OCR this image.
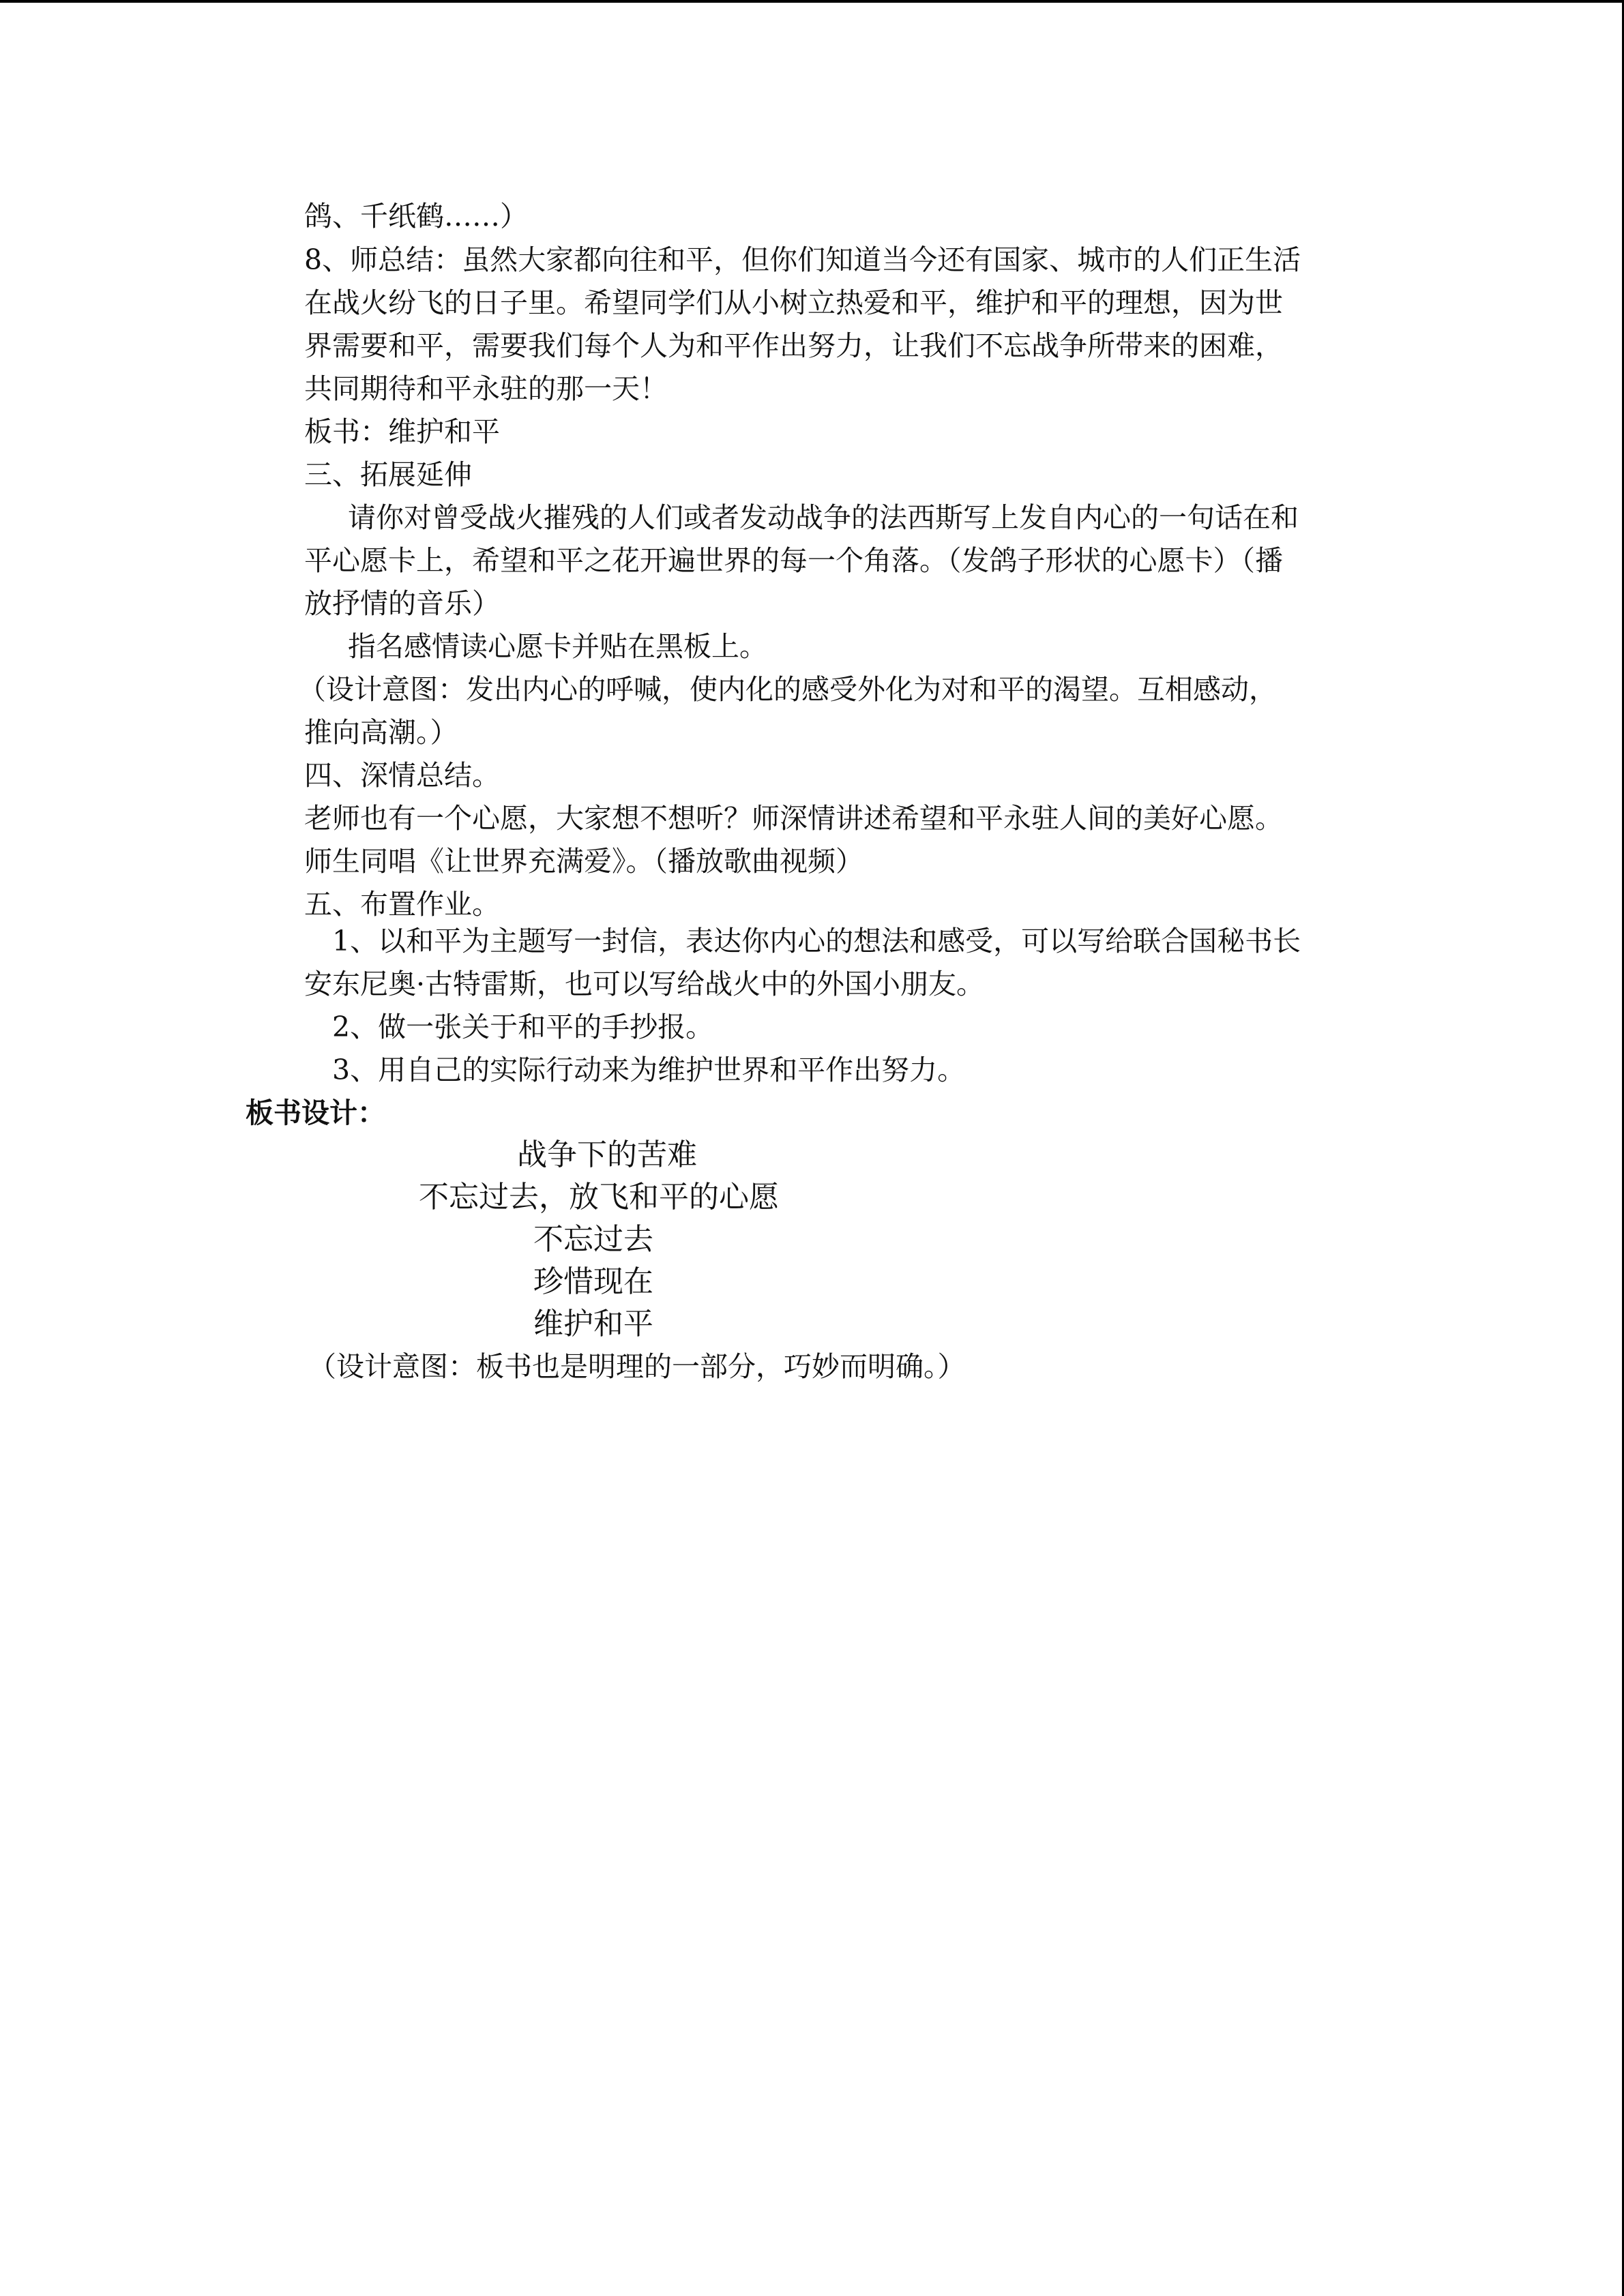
鸽、千纸鹤……）
8、师总结：虽然大家都向往和平，但你们知道当今还有国家、城市的人们正生活
在战火纷飞的日子里。希望同学们从小树立热爱和平，维护和平的理想，因为世
界需要和平，需要我们每个人为和平作出努力，让我们不忘战争所带来的困难，
共同期待和平永驻的那一天！
板书：维护和平
三、拓展延伸
请你对曾受战火摧残的人们或者发动战争的法西斯写上发自内心的一句话在和
平心愿卡上，希望和平之花开遍世界的每一个角落。（发鸽子形状的心愿卡）（播
放抒情的音乐）
指名感情读心愿卡并贴在黑板上。
（设计意图：发出内心的呼喊，使内化的感受外化为对和平的渴望。互相感动，
推向高潮。）
四、深情总结。
老师也有一个心愿，大家想不想听？师深情讲述希望和平永驻人间的美好心愿。
师生同唱《让世界充满爱》。（播放歌曲视频）
五、布置作业。
1、以和平为主题写一封信，表达你内心的想法和感受，可以写给联合国秘书长
安东尼奥·古特雷斯，也可以写给战火中的外国小朋友。
2、做一张关于和平的手抄报。
3、用自己的实际行动来为维护世界和平作出努力。
板书设计：
战争下的苦难
不忘过去，放飞和平的心愿
不忘过去
珍惜现在
维护和平
（设计意图：板书也是明理的一部分，巧妙而明确。）
